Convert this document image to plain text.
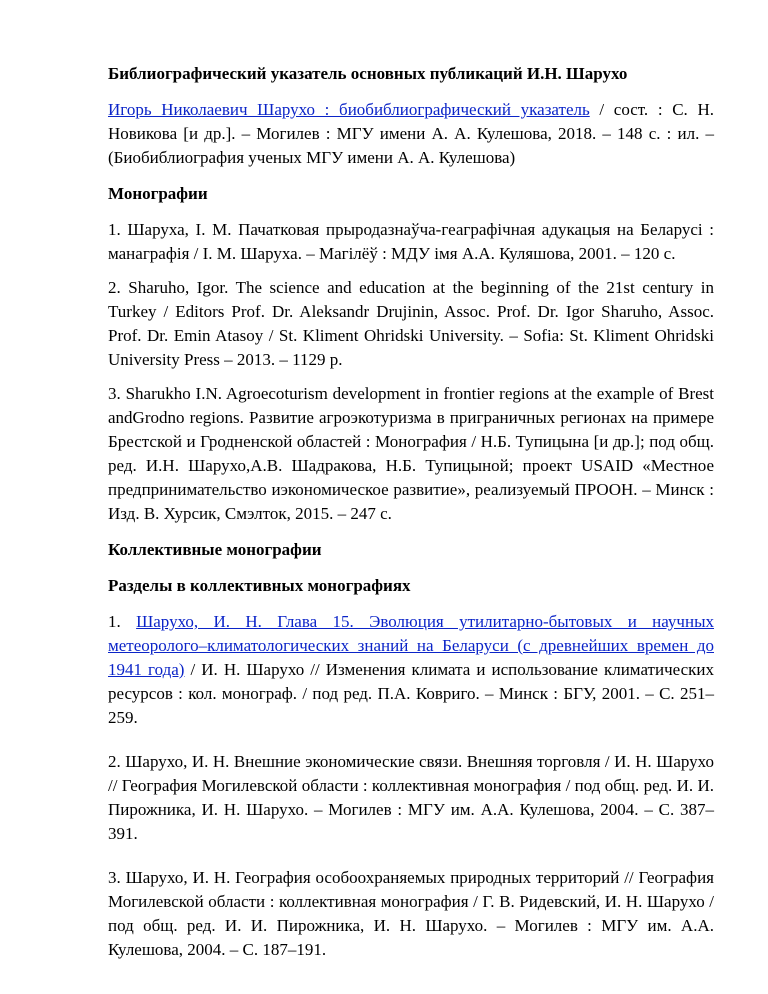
Библиографический указатель основных публикаций И.Н. Шарухо

Игорь Николаевич Шарухо : биобиблиографический указатель / сост. : С. Н. Новикова [и др.]. – Могилев : МГУ имени А. А. Кулешова, 2018. – 148 с. : ил. – (Биобиблиография ученых МГУ имени А. А. Кулешова)

Монографии

1. Шаруха, І. М. Пачатковая прыродазнаўча-геаграфічная адукацыя на Беларусі : манаграфія / І. М. Шаруха. – Магілёў : МДУ імя А.А. Куляшова, 2001. – 120 с.

2. Sharuho, Igor. The science and education at the beginning of the 21st century in Turkey / Editors Prof. Dr. Aleksandr Drujinin, Assoc. Prof. Dr. Igor Sharuho, Assoc. Prof. Dr. Emin Atasoy / St. Kliment Ohridski University. – Sofia: St. Kliment Ohridski University Press – 2013. – 1129 p.

3. Sharukho I.N. Agroecoturism development in frontier regions at the example of Brest andGrodno regions. Развитие агроэкотуризма в приграничных регионах на примере Брестской и Гродненской областей : Монография / Н.Б. Тупицына [и др.]; под общ. ред. И.Н. Шарухо,А.В. Шадракова, Н.Б. Тупицыной; проект USAID «Местное предпринимательство иэкономическое развитие», реализуемый ПРООН. – Минск : Изд. В. Хурсик, Смэлток, 2015. – 247 с.

Коллективные монографии

Разделы в коллективных монографиях

1. Шарухо, И. Н. Глава 15. Эволюция утилитарно-бытовых и научных метеоролого–климатологических знаний на Беларуси (с древнейших времен до 1941 года) / И. Н. Шарухо // Изменения климата и использование климатических ресурсов : кол. монограф. / под ред. П.А. Ковриго. – Минск : БГУ, 2001. – С. 251–259.

2. Шарухо, И. Н. Внешние экономические связи. Внешняя торговля / И. Н. Шарухо // География Могилевской области : коллективная монография / под общ. ред. И. И. Пирожника, И. Н. Шарухо. – Могилев : МГУ им. А.А. Кулешова, 2004. – С. 387–391.

3. Шарухо, И. Н. География особоохраняемых природных территорий // География Могилевской области : коллективная монография / Г. В. Ридевский, И. Н. Шарухо / под общ. ред. И. И. Пирожника, И. Н. Шарухо. – Могилев : МГУ им. А.А. Кулешова, 2004. – С. 187–191.
